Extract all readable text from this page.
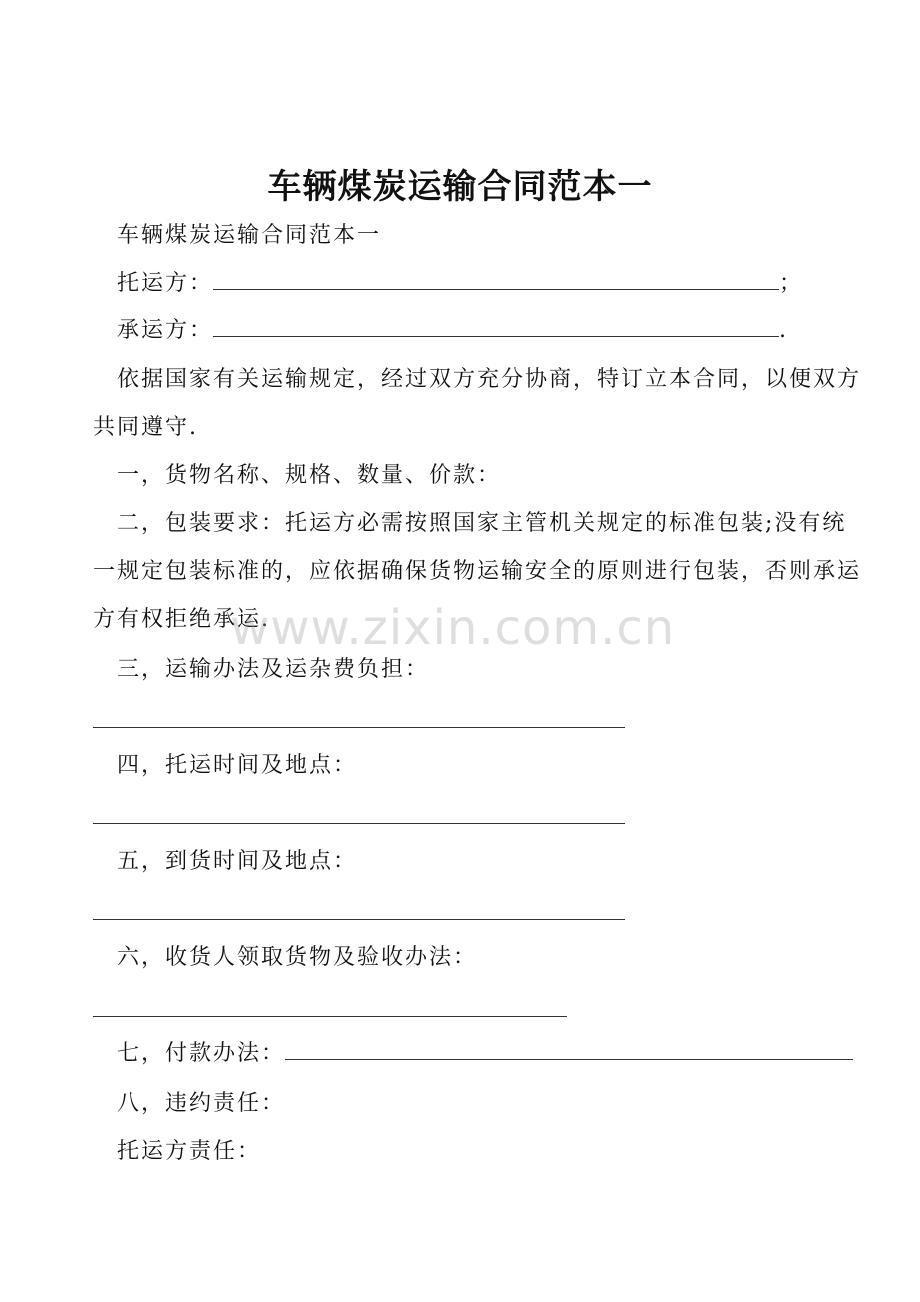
车辆煤炭运输合同范本一
车辆煤炭运输合同范本一
托运方：	；
承运方：	.
依据国家有关运输规定，经过双方充分协商，特订立本合同，以便双方
共同遵守.
一，货物名称、规格、数量、价款：
二，包装要求：托运方必需按照国家主管机关规定的标准包装;没有统
一规定包装标准的，应依据确保货物运输安全的原则进行包装，否则承运
方有权拒绝承运.
www.zixin.com.cn
三，运输办法及运杂费负担：
四，托运时间及地点：
五，到货时间及地点：
六，收货人领取货物及验收办法：
七，付款办法：
八，违约责任：
托运方责任：
